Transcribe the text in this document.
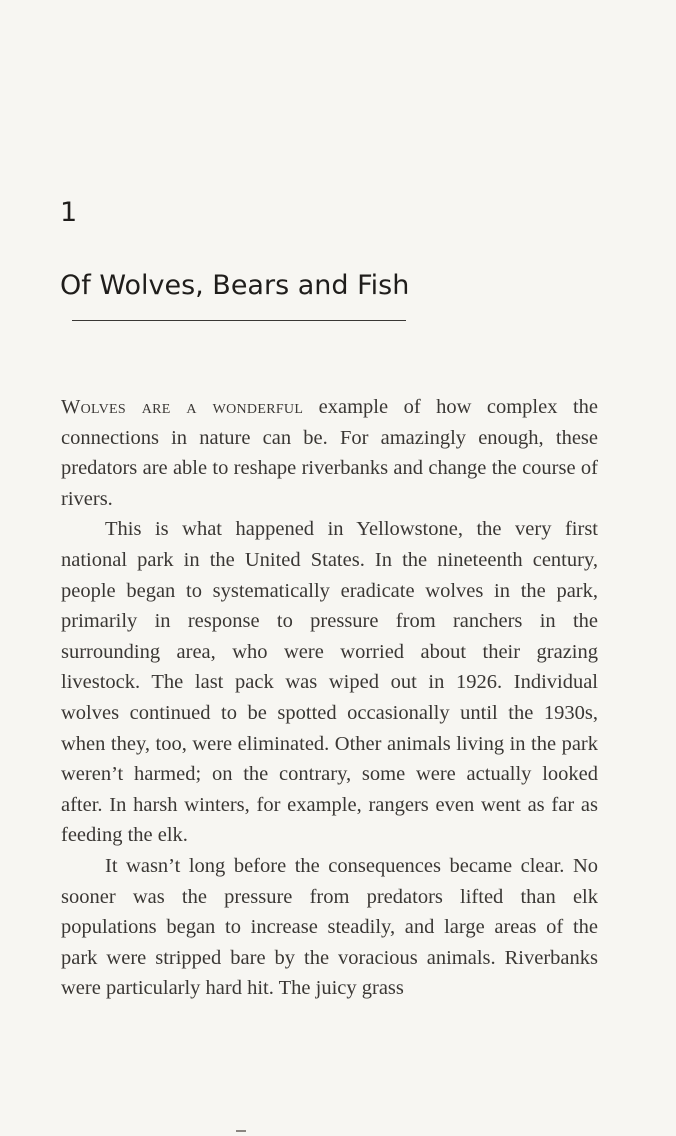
1
Of Wolves, Bears and Fish

Wolves are a wonderful example of how complex the connections in nature can be. For amazingly enough, these predators are able to reshape riverbanks and change the course of rivers.

This is what happened in Yellowstone, the very first national park in the United States. In the nineteenth century, people began to systematically eradicate wolves in the park, primarily in response to pressure from ranchers in the surrounding area, who were worried about their grazing livestock. The last pack was wiped out in 1926. Individual wolves continued to be spotted occasionally until the 1930s, when they, too, were eliminated. Other animals living in the park weren’t harmed; on the contrary, some were actually looked after. In harsh winters, for example, rangers even went as far as feeding the elk.

It wasn’t long before the consequences became clear. No sooner was the pressure from predators lifted than elk populations began to increase steadily, and large areas of the park were stripped bare by the voracious animals. Riverbanks were particularly hard hit. The juicy grass
